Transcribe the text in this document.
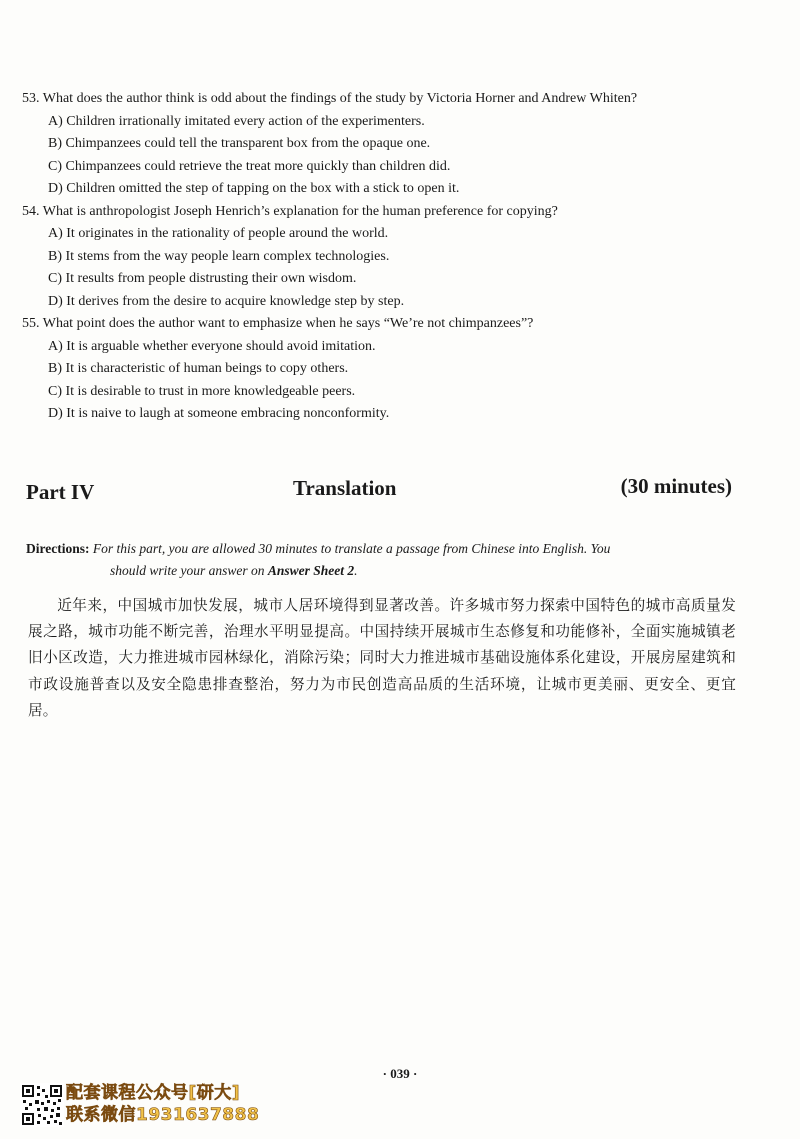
53. What does the author think is odd about the findings of the study by Victoria Horner and Andrew Whiten?
A) Children irrationally imitated every action of the experimenters.
B) Chimpanzees could tell the transparent box from the opaque one.
C) Chimpanzees could retrieve the treat more quickly than children did.
D) Children omitted the step of tapping on the box with a stick to open it.
54. What is anthropologist Joseph Henrich’s explanation for the human preference for copying?
A) It originates in the rationality of people around the world.
B) It stems from the way people learn complex technologies.
C) It results from people distrusting their own wisdom.
D) It derives from the desire to acquire knowledge step by step.
55. What point does the author want to emphasize when he says “We’re not chimpanzees”?
A) It is arguable whether everyone should avoid imitation.
B) It is characteristic of human beings to copy others.
C) It is desirable to trust in more knowledgeable peers.
D) It is naive to laugh at someone embracing nonconformity.
Part IV	Translation	(30 minutes)
Directions: For this part, you are allowed 30 minutes to translate a passage from Chinese into English. You
should write your answer on Answer Sheet 2.
近年来，中国城市加快发展，城市人居环境得到显著改善。许多城市努力探索中国特色的城市高质量发展之路，城市功能不断完善，治理水平明显提高。中国持续开展城市生态修复和功能修补，全面实施城镇老旧小区改造，大力推进城市园林绿化，消除污染；同时大力推进城市基础设施体系化建设，开展房屋建筑和市政设施普查以及安全隐患排查整治，努力为市民创造高品质的生活环境，让城市更美丽、更安全、更宜居。
· 039 ·
配套课程公众号[研大]
联系微信1931637888
